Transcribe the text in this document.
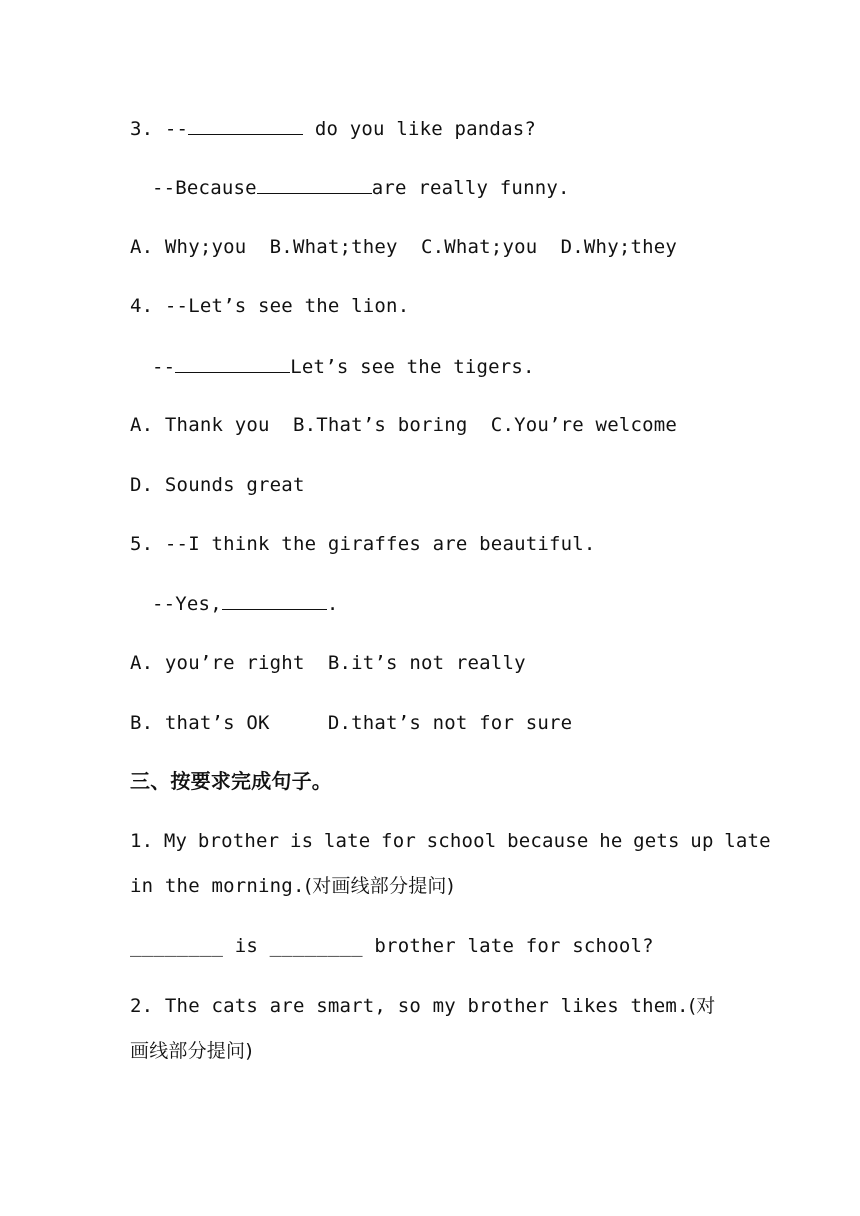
3. --	do you like pandas?
--Because	are really funny.
A. Why;you  B.What;they  C.What;you  D.Why;they
4. --Let’s see the lion.
--	Let’s see the tigers.
A. Thank you  B.That’s boring  C.You’re welcome
D. Sounds great
5. --I think the giraffes are beautiful.
--Yes,	.
A. you’re right  B.it’s not really
B. that’s OK     D.that’s not for sure
三、按要求完成句子。
1. My brother is late for school because he gets up late
in the morning.(对画线部分提问)
________ is ________ brother late for school?
2. The cats are smart, so my brother likes them.(对
画线部分提问)
